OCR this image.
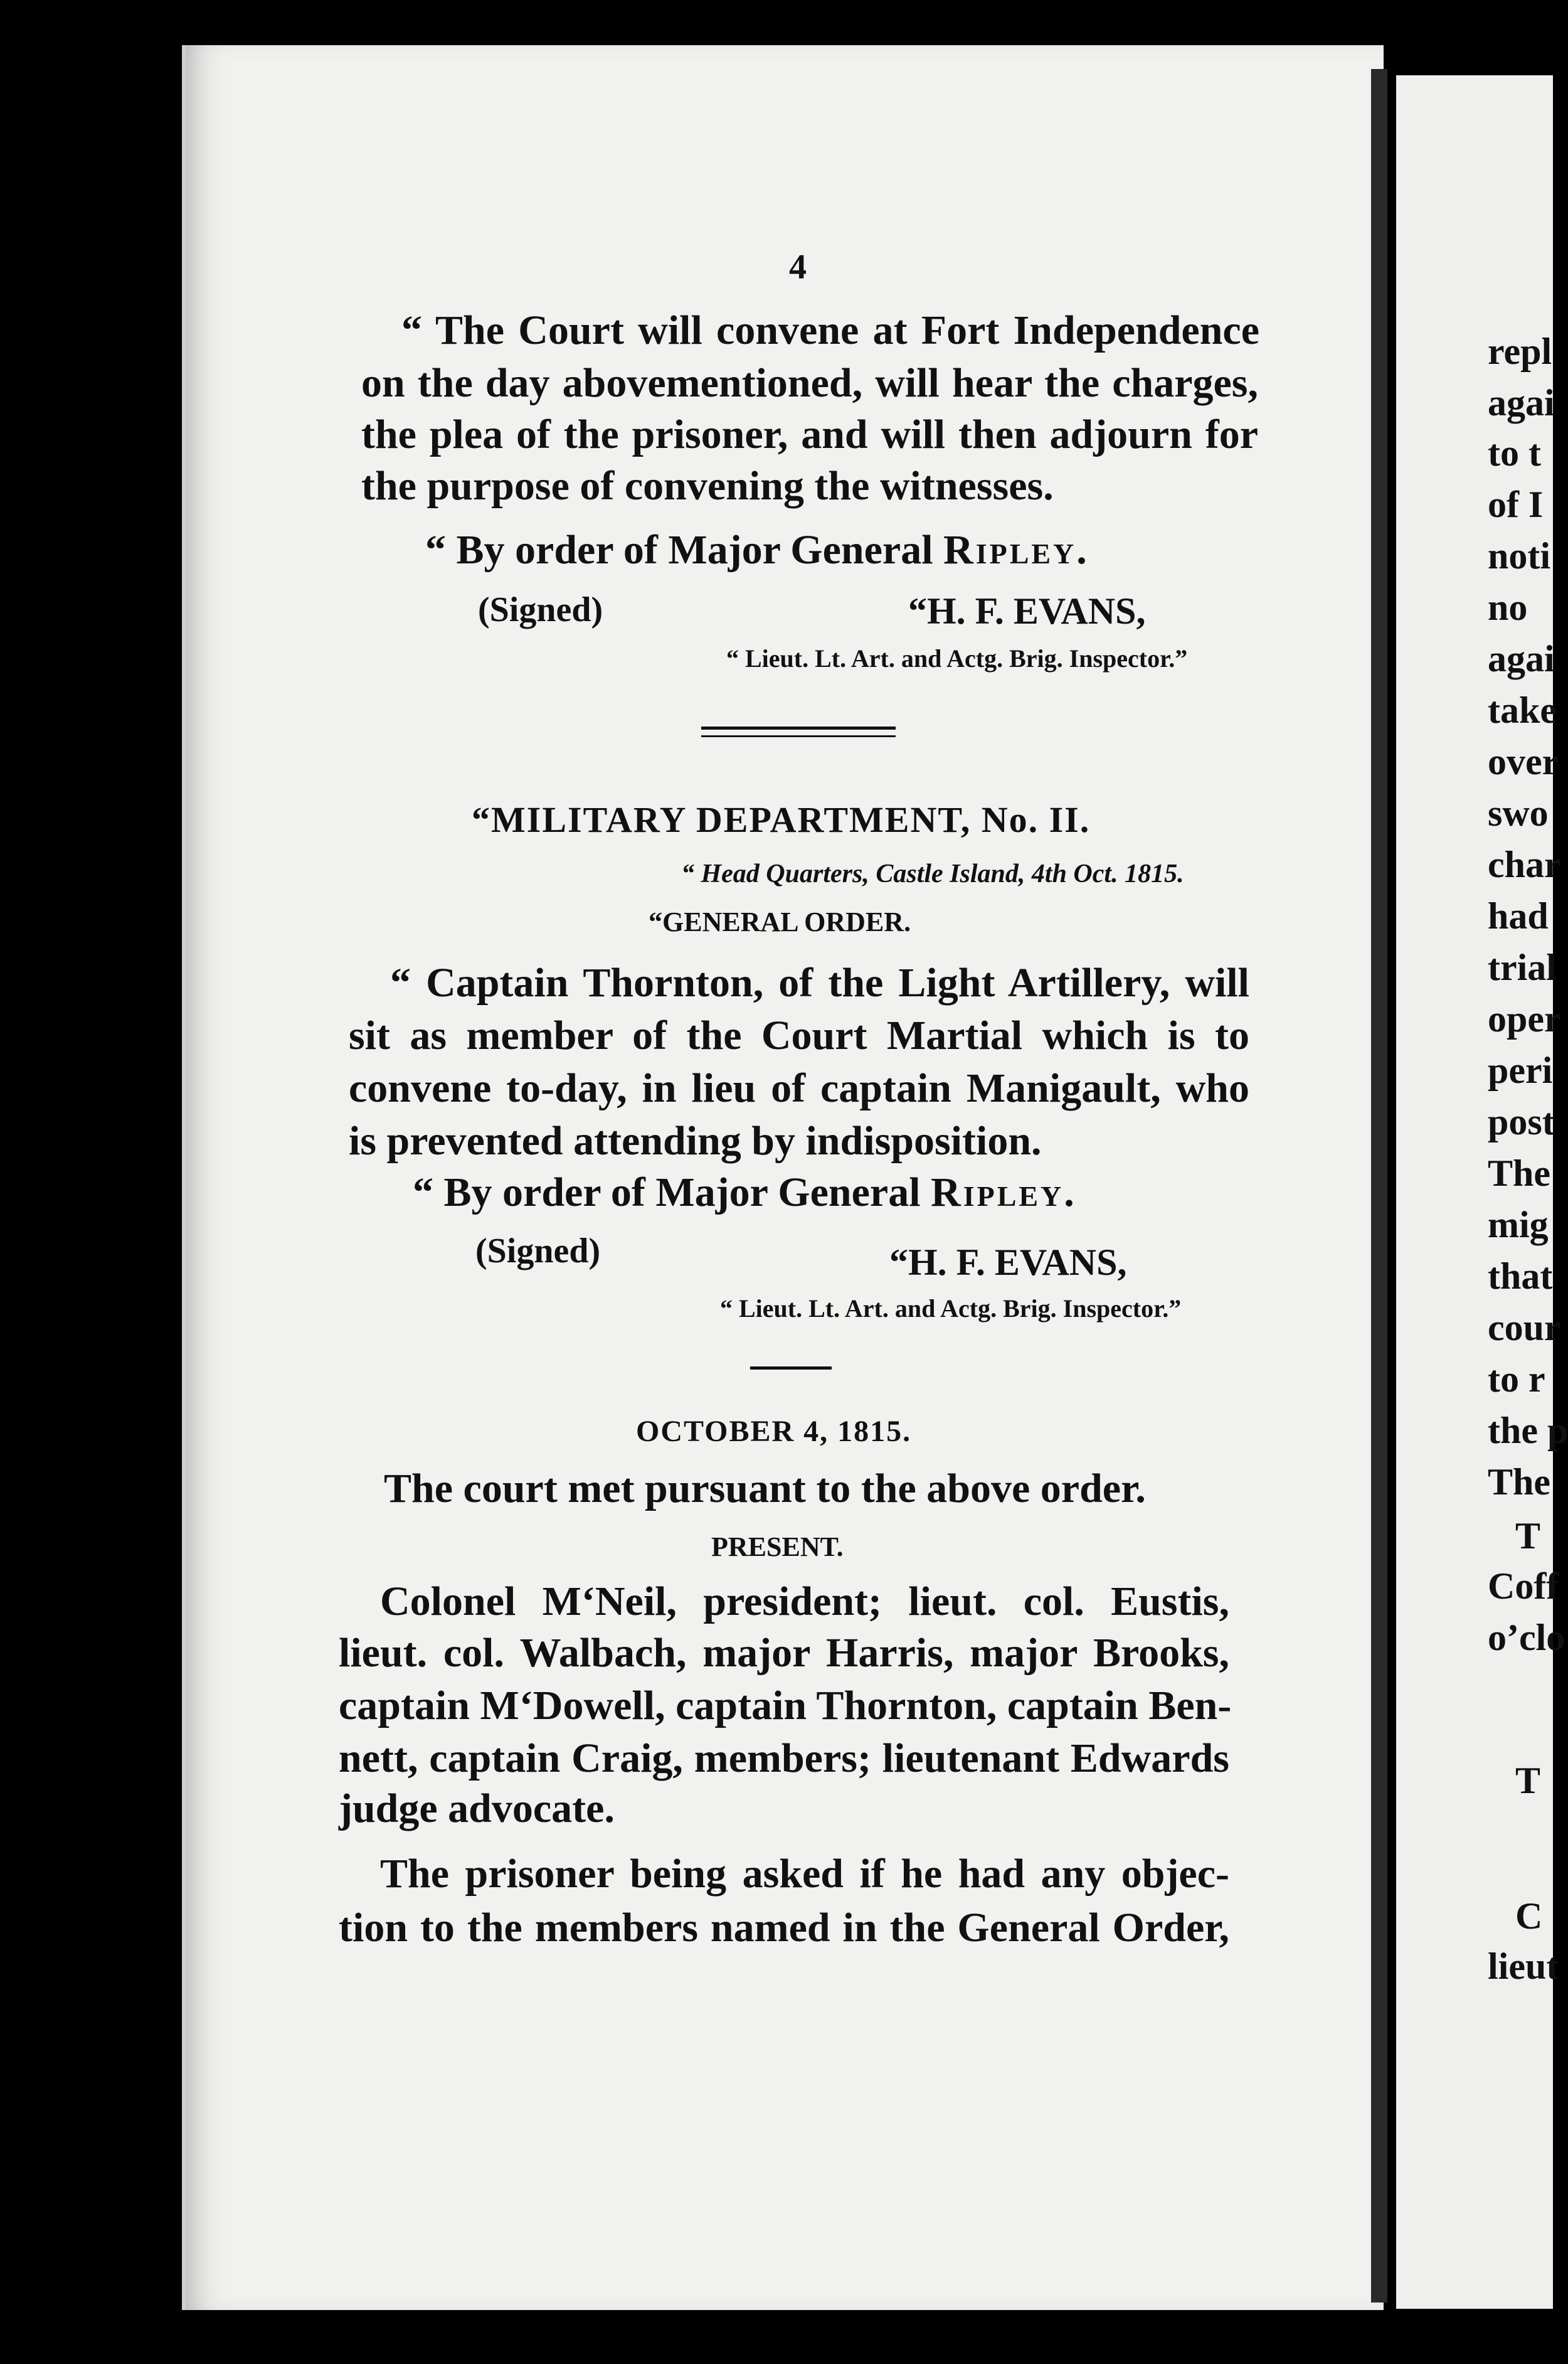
4
“ The Court will convene at Fort Independence
on the day abovementioned, will hear the charges,
the plea of the prisoner, and will then adjourn for
the purpose of convening the witnesses.
“ By order of Major General Ripley.
(Signed)	“H. F. EVANS,
“ Lieut. Lt. Art. and Actg. Brig. Inspector.”
“MILITARY DEPARTMENT, No. II.
“ Head Quarters, Castle Island, 4th Oct. 1815.
“GENERAL ORDER.
“ Captain Thornton, of the Light Artillery, will
sit as member of the Court Martial which is to
convene to-day, in lieu of captain Manigault, who
is prevented attending by indisposition.
“ By order of Major General Ripley.
(Signed)	“H. F. EVANS,
“ Lieut. Lt. Art. and Actg. Brig. Inspector.”
OCTOBER 4, 1815.
The court met pursuant to the above order.
PRESENT.
Colonel M‘Neil, president; lieut. col. Eustis,
lieut. col. Walbach, major Harris, major Brooks,
captain M‘Dowell, captain Thornton, captain Ben-
nett, captain Craig, members; lieutenant Edwards
judge advocate.
The prisoner being asked if he had any objec-
tion to the members named in the General Order,
repl
agai
to t
of I
noti
no
agai
take
over
swo
char
had
trial
oper
peri
post
The
mig
that
cour
to r
the p
The
T
Coff
o’clo
T
C
lieut
